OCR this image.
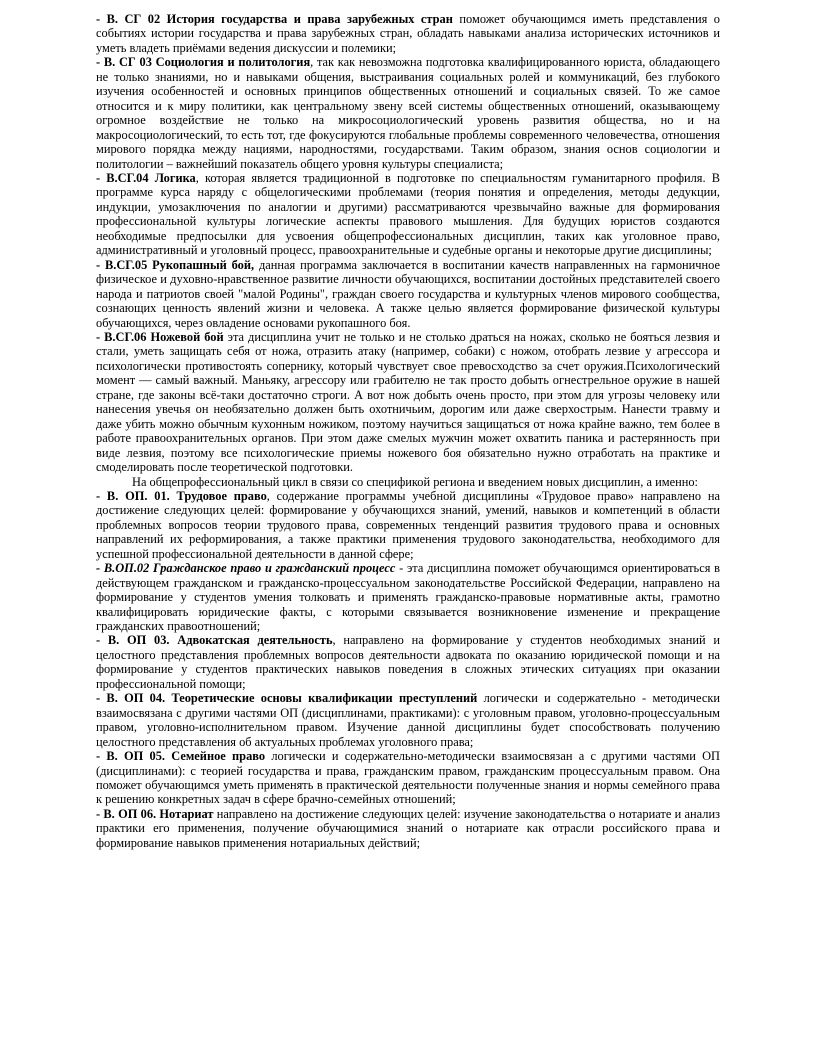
- В. СГ 02 История государства и права зарубежных стран поможет обучающимся иметь представления о событиях истории государства и права зарубежных стран, обладать навыками анализа исторических источников и уметь владеть приёмами ведения дискуссии и полемики;

- В. СГ 03 Социология и политология, так как невозможна подготовка квалифицированного юриста, обладающего не только знаниями, но и навыками общения, выстраивания социальных ролей и коммуникаций, без глубокого изучения особенностей и основных принципов общественных отношений и социальных связей. То же самое относится и к миру политики, как центральному звену всей системы общественных отношений, оказывающему огромное воздействие не только на микросоциологический уровень развития общества, но и на макросоциологический, то есть тот, где фокусируются глобальные проблемы современного человечества, отношения мирового порядка между нациями, народностями, государствами. Таким образом, знания основ социологии и политологии – важнейший показатель общего уровня культуры специалиста;

- В.СГ.04 Логика, которая является традиционной в подготовке по специальностям гуманитарного профиля. В программе курса наряду с общелогическими проблемами (теория понятия и определения, методы дедукции, индукции, умозаключения по аналогии и другими) рассматриваются чрезвычайно важные для формирования профессиональной культуры логические аспекты правового мышления. Для будущих юристов создаются необходимые предпосылки для усвоения общепрофессиональных дисциплин, таких как уголовное право, административный и уголовный процесс, правоохранительные и судебные органы и некоторые другие дисциплины;

- В.СГ.05 Рукопашный бой, данная программа заключается в воспитании качеств направленных на гармоничное физическое и духовно-нравственное развитие личности обучающихся, воспитании достойных представителей своего народа и патриотов своей "малой Родины", граждан своего государства и культурных членов мирового сообщества, сознающих ценность явлений жизни и человека. А также целью является формирование физической культуры обучающихся, через овладение основами рукопашного боя.

- В.СГ.06 Ножевой бой эта дисциплина учит не только и не столько драться на ножах, сколько не бояться лезвия и стали, уметь защищать себя от ножа, отразить атаку (например, собаки) с ножом, отобрать лезвие у агрессора и психологически противостоять сопернику, который чувствует свое превосходство за счет оружия.Психологический момент — самый важный. Маньяку, агрессору или грабителю не так просто добыть огнестрельное оружие в нашей стране, где законы всё-таки достаточно строги. А вот нож добыть очень просто, при этом для угрозы человеку или нанесения увечья он необязательно должен быть охотничьим, дорогим или даже сверхострым. Нанести травму и даже убить можно обычным кухонным ножиком, поэтому научиться защищаться от ножа крайне важно, тем более в работе правоохранительных органов. При этом даже смелых мужчин может охватить паника и растерянность при виде лезвия, поэтому все психологические приемы ножевого боя обязательно нужно отработать на практике и смоделировать после теоретической подготовки.

На общепрофессиональный цикл в связи со спецификой региона и введением новых дисциплин, а именно:

- В. ОП. 01. Трудовое право, содержание программы учебной дисциплины «Трудовое право» направлено на достижение следующих целей: формирование у обучающихся знаний, умений, навыков и компетенций в области проблемных вопросов теории трудового права, современных тенденций развития трудового права и основных направлений их реформирования, а также практики применения трудового законодательства, необходимого для успешной профессиональной деятельности в данной сфере;

- В.ОП.02 Гражданское право и гражданский процесс - эта дисциплина поможет обучающимся ориентироваться в действующем гражданском и гражданско-процессуальном законодательстве Российской Федерации, направлено на формирование у студентов умения толковать и применять гражданско-правовые нормативные акты, грамотно квалифицировать юридические факты, с которыми связывается возникновение изменение и прекращение гражданских правоотношений;

- В. ОП 03. Адвокатская деятельность, направлено на формирование у студентов необходимых знаний и целостного представления проблемных вопросов деятельности адвоката по оказанию юридической помощи и на формирование у студентов практических навыков поведения в сложных этических ситуациях при оказании профессиональной помощи;

- В. ОП 04. Теоретические основы квалификации преступлений логически и содержательно - методически взаимосвязана с другими частями ОП (дисциплинами, практиками): с уголовным правом, уголовно-процессуальным правом, уголовно-исполнительном правом. Изучение данной дисциплины будет способствовать получению целостного представления об актуальных проблемах уголовного права;

- В. ОП 05. Семейное право логически и содержательно-методически взаимосвязан а с другими частями ОП (дисциплинами): с теорией государства и права, гражданским правом, гражданским процессуальным правом. Она поможет обучающимся уметь применять в практической деятельности полученные знания и нормы семейного права к решению конкретных задач в сфере брачно-семейных отношений;

- В. ОП 06. Нотариат направлено на достижение следующих целей: изучение законодательства о нотариате и анализ практики его применения, получение обучающимися знаний о нотариате как отрасли российского права и формирование навыков применения нотариальных действий;
